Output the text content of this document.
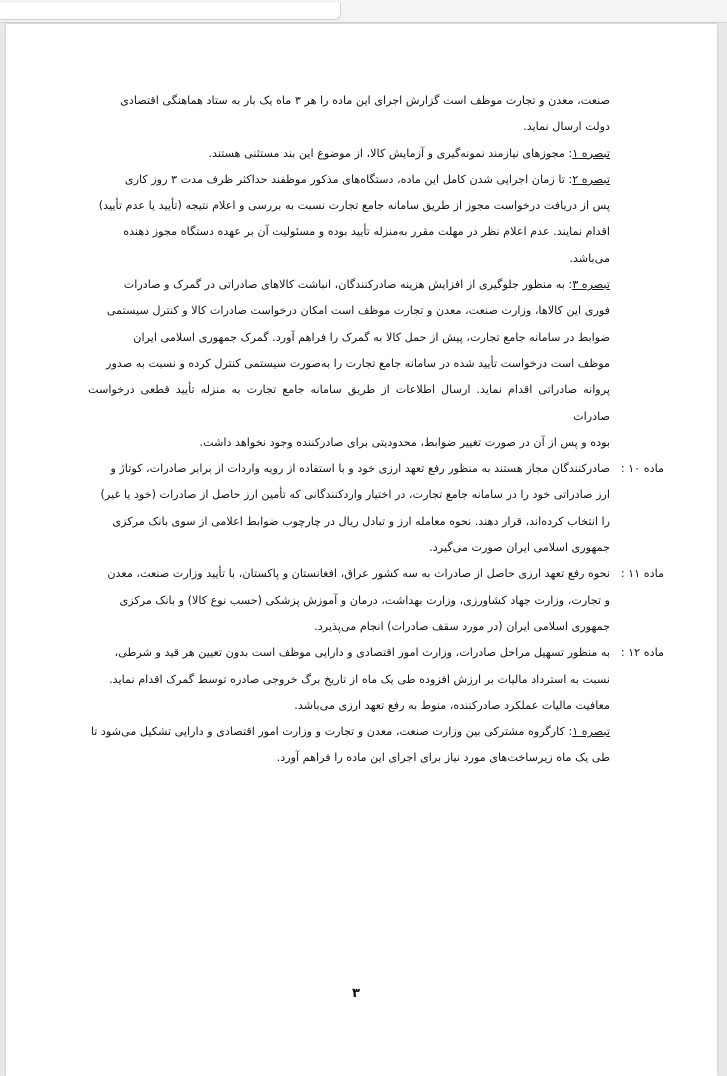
صنعت، معدن و تجارت موظف است گزارش اجرای این ماده را هر ۳ ماه یک بار به ستاد هماهنگی اقتصادی

دولت ارسال نماید.

تبصره ۱: مجوزهای نیازمند نمونه‌گیری و آزمایش کالا، از موضوع این بند مستثنی هستند.

تبصره ۲: تا زمان اجرایی شدن کامل این ماده، دستگاه‌های مذکور موظفند حداکثر ظرف مدت ۳ روز کاری

پس از دریافت درخواست مجوز از طریق سامانه جامع تجارت نسبت به بررسی و اعلام نتیجه (تأیید یا عدم تأیید)

اقدام نمایند. عدم اعلام نظر در مهلت مقرر به‌منزله تأیید بوده و مسئولیت آن بر عهده دستگاه مجوز دهنده

می‌باشد.

تبصره ۳: به منظور جلوگیری از افزایش هزینه صادرکنندگان، انباشت کالاهای صادراتی در گمرک و صادرات

فوری این کالاها، وزارت صنعت، معدن و تجارت موظف است امکان درخواست صادرات کالا و کنترل سیستمی

ضوابط در سامانه جامع تجارت، پیش از حمل کالا به گمرک را فراهم آورد. گمرک جمهوری اسلامی ایران

موظف است درخواست تأیید شده در سامانه جامع تجارت را به‌صورت سیستمی کنترل کرده و نسبت به صدور

پروانه صادراتی اقدام نماید. ارسال اطلاعات از طریق سامانه جامع تجارت به منزله تأیید قطعی درخواست صادرات

بوده و پس از آن در صورت تغییر ضوابط، محدودیتی برای صادرکننده وجود نخواهد داشت.

ماده ۱۰ :

صادرکنندگان مجاز هستند به منظور رفع تعهد ارزی خود و با استفاده از رویه واردات از برابر صادرات، کوتاژ و

ارز صادراتی خود را در سامانه جامع تجارت، در اختیار واردکنندگانی که تأمین ارز حاصل از صادرات (خود یا غیر)

را انتخاب کرده‌اند، قرار دهند. نحوه معامله ارز و تبادل ریال در چارچوب ضوابط اعلامی از سوی بانک مرکزی

جمهوری اسلامی ایران صورت می‌گیرد.

ماده ۱۱ :

نحوه رفع تعهد ارزی حاصل از صادرات به سه کشور عراق، افغانستان و پاکستان، با تأیید وزارت صنعت، معدن

و تجارت، وزارت جهاد کشاورزی، وزارت بهداشت، درمان و آموزش پزشکی (حسب نوع کالا) و بانک مرکزی

جمهوری اسلامی ایران (در مورد سقف صادرات) انجام می‌پذیرد.

ماده ۱۲ :

به منظور تسهیل مراحل صادرات، وزارت امور اقتصادی و دارایی موظف است بدون تعیین هر قید و شرطی،

نسبت به استرداد مالیات بر ارزش افزوده طی یک ماه از تاریخ برگ خروجی صادره توسط گمرک اقدام نماید.

معافیت مالیات عملکرد صادرکننده، منوط به رفع تعهد ارزی می‌باشد.

تبصره ۱: کارگروه مشترکی بین وزارت صنعت، معدن و تجارت و وزارت امور اقتصادی و دارایی تشکیل می‌شود تا

طی یک ماه زیرساخت‌های مورد نیاز برای اجرای این ماده را فراهم آورد.

۳
